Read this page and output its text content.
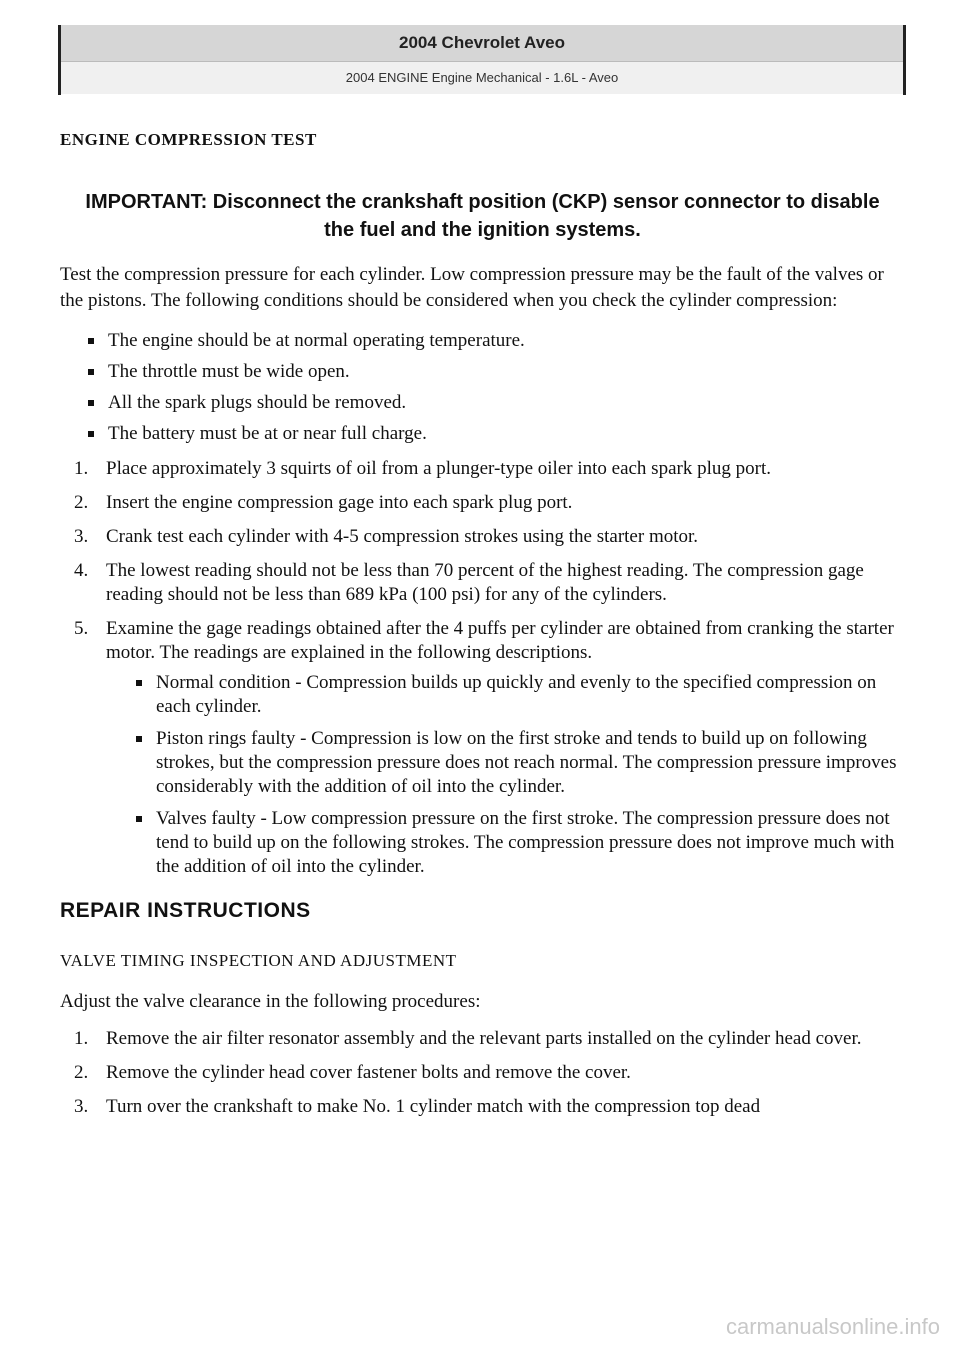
2004 Chevrolet Aveo
2004 ENGINE Engine Mechanical - 1.6L - Aveo
ENGINE COMPRESSION TEST
IMPORTANT: Disconnect the crankshaft position (CKP) sensor connector to disable the fuel and the ignition systems.

Test the compression pressure for each cylinder. Low compression pressure may be the fault of the valves or the pistons. The following conditions should be considered when you check the cylinder compression:

The engine should be at normal operating temperature.
The throttle must be wide open.
All the spark plugs should be removed.
The battery must be at or near full charge.
1. Place approximately 3 squirts of oil from a plunger-type oiler into each spark plug port.
2. Insert the engine compression gage into each spark plug port.
3. Crank test each cylinder with 4-5 compression strokes using the starter motor.
4. The lowest reading should not be less than 70 percent of the highest reading. The compression gage reading should not be less than 689 kPa (100 psi) for any of the cylinders.
5. Examine the gage readings obtained after the 4 puffs per cylinder are obtained from cranking the starter motor. The readings are explained in the following descriptions.
Normal condition - Compression builds up quickly and evenly to the specified compression on each cylinder.
Piston rings faulty - Compression is low on the first stroke and tends to build up on following strokes, but the compression pressure does not reach normal. The compression pressure improves considerably with the addition of oil into the cylinder.
Valves faulty - Low compression pressure on the first stroke. The compression pressure does not tend to build up on the following strokes. The compression pressure does not improve much with the addition of oil into the cylinder.
REPAIR INSTRUCTIONS
VALVE TIMING INSPECTION AND ADJUSTMENT

Adjust the valve clearance in the following procedures:

1. Remove the air filter resonator assembly and the relevant parts installed on the cylinder head cover.
2. Remove the cylinder head cover fastener bolts and remove the cover.
3. Turn over the crankshaft to make No. 1 cylinder match with the compression top dead
carmanualsonline.info
